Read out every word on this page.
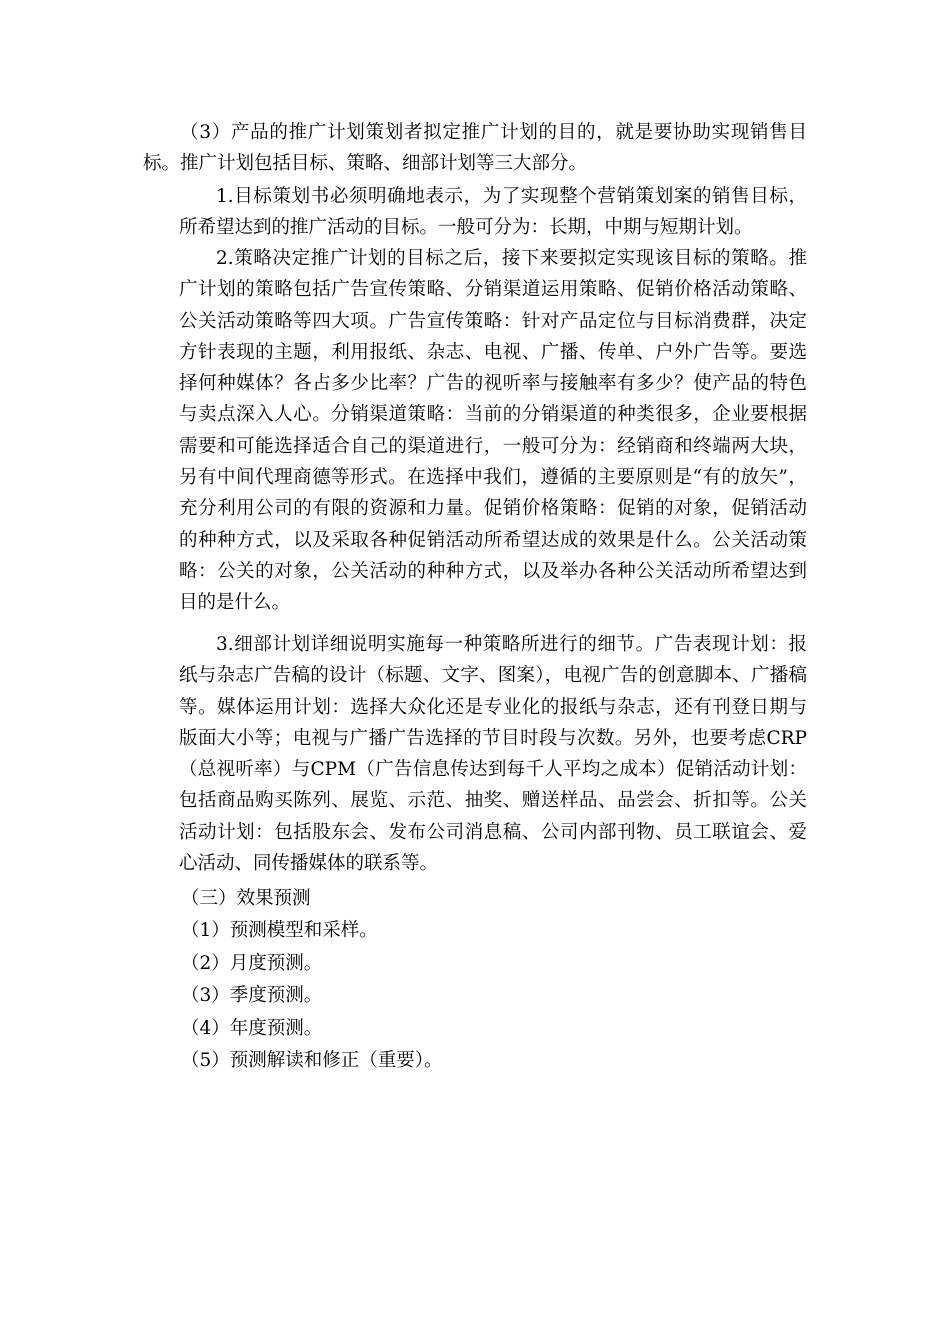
（3）产品的推广计划策划者拟定推广计划的目的，就是要协助实现销售目标。推广计划包括目标、策略、细部计划等三大部分。

1.目标策划书必须明确地表示，为了实现整个营销策划案的销售目标，所希望达到的推广活动的目标。一般可分为：长期，中期与短期计划。

2.策略决定推广计划的目标之后，接下来要拟定实现该目标的策略。推广计划的策略包括广告宣传策略、分销渠道运用策略、促销价格活动策略、公关活动策略等四大项。广告宣传策略：针对产品定位与目标消费群，决定方针表现的主题，利用报纸、杂志、电视、广播、传单、户外广告等。要选择何种媒体？各占多少比率？广告的视听率与接触率有多少？使产品的特色与卖点深入人心。分销渠道策略：当前的分销渠道的种类很多，企业要根据需要和可能选择适合自己的渠道进行，一般可分为：经销商和终端两大块，另有中间代理商德等形式。在选择中我们，遵循的主要原则是“有的放矢”，充分利用公司的有限的资源和力量。促销价格策略：促销的对象，促销活动的种种方式，以及采取各种促销活动所希望达成的效果是什么。公关活动策略：公关的对象，公关活动的种种方式，以及举办各种公关活动所希望达到目的是什么。

3.细部计划详细说明实施每一种策略所进行的细节。广告表现计划：报纸与杂志广告稿的设计（标题、文字、图案），电视广告的创意脚本、广播稿等。媒体运用计划：选择大众化还是专业化的报纸与杂志，还有刊登日期与版面大小等；电视与广播广告选择的节目时段与次数。另外，也要考虑CRP（总视听率）与CPM（广告信息传达到每千人平均之成本）促销活动计划：包括商品购买陈列、展览、示范、抽奖、赠送样品、品尝会、折扣等。公关活动计划：包括股东会、发布公司消息稿、公司内部刊物、员工联谊会、爱心活动、同传播媒体的联系等。

（三）效果预测

（1）预测模型和采样。

（2）月度预测。

（3）季度预测。

（4）年度预测。

（5）预测解读和修正（重要）。
